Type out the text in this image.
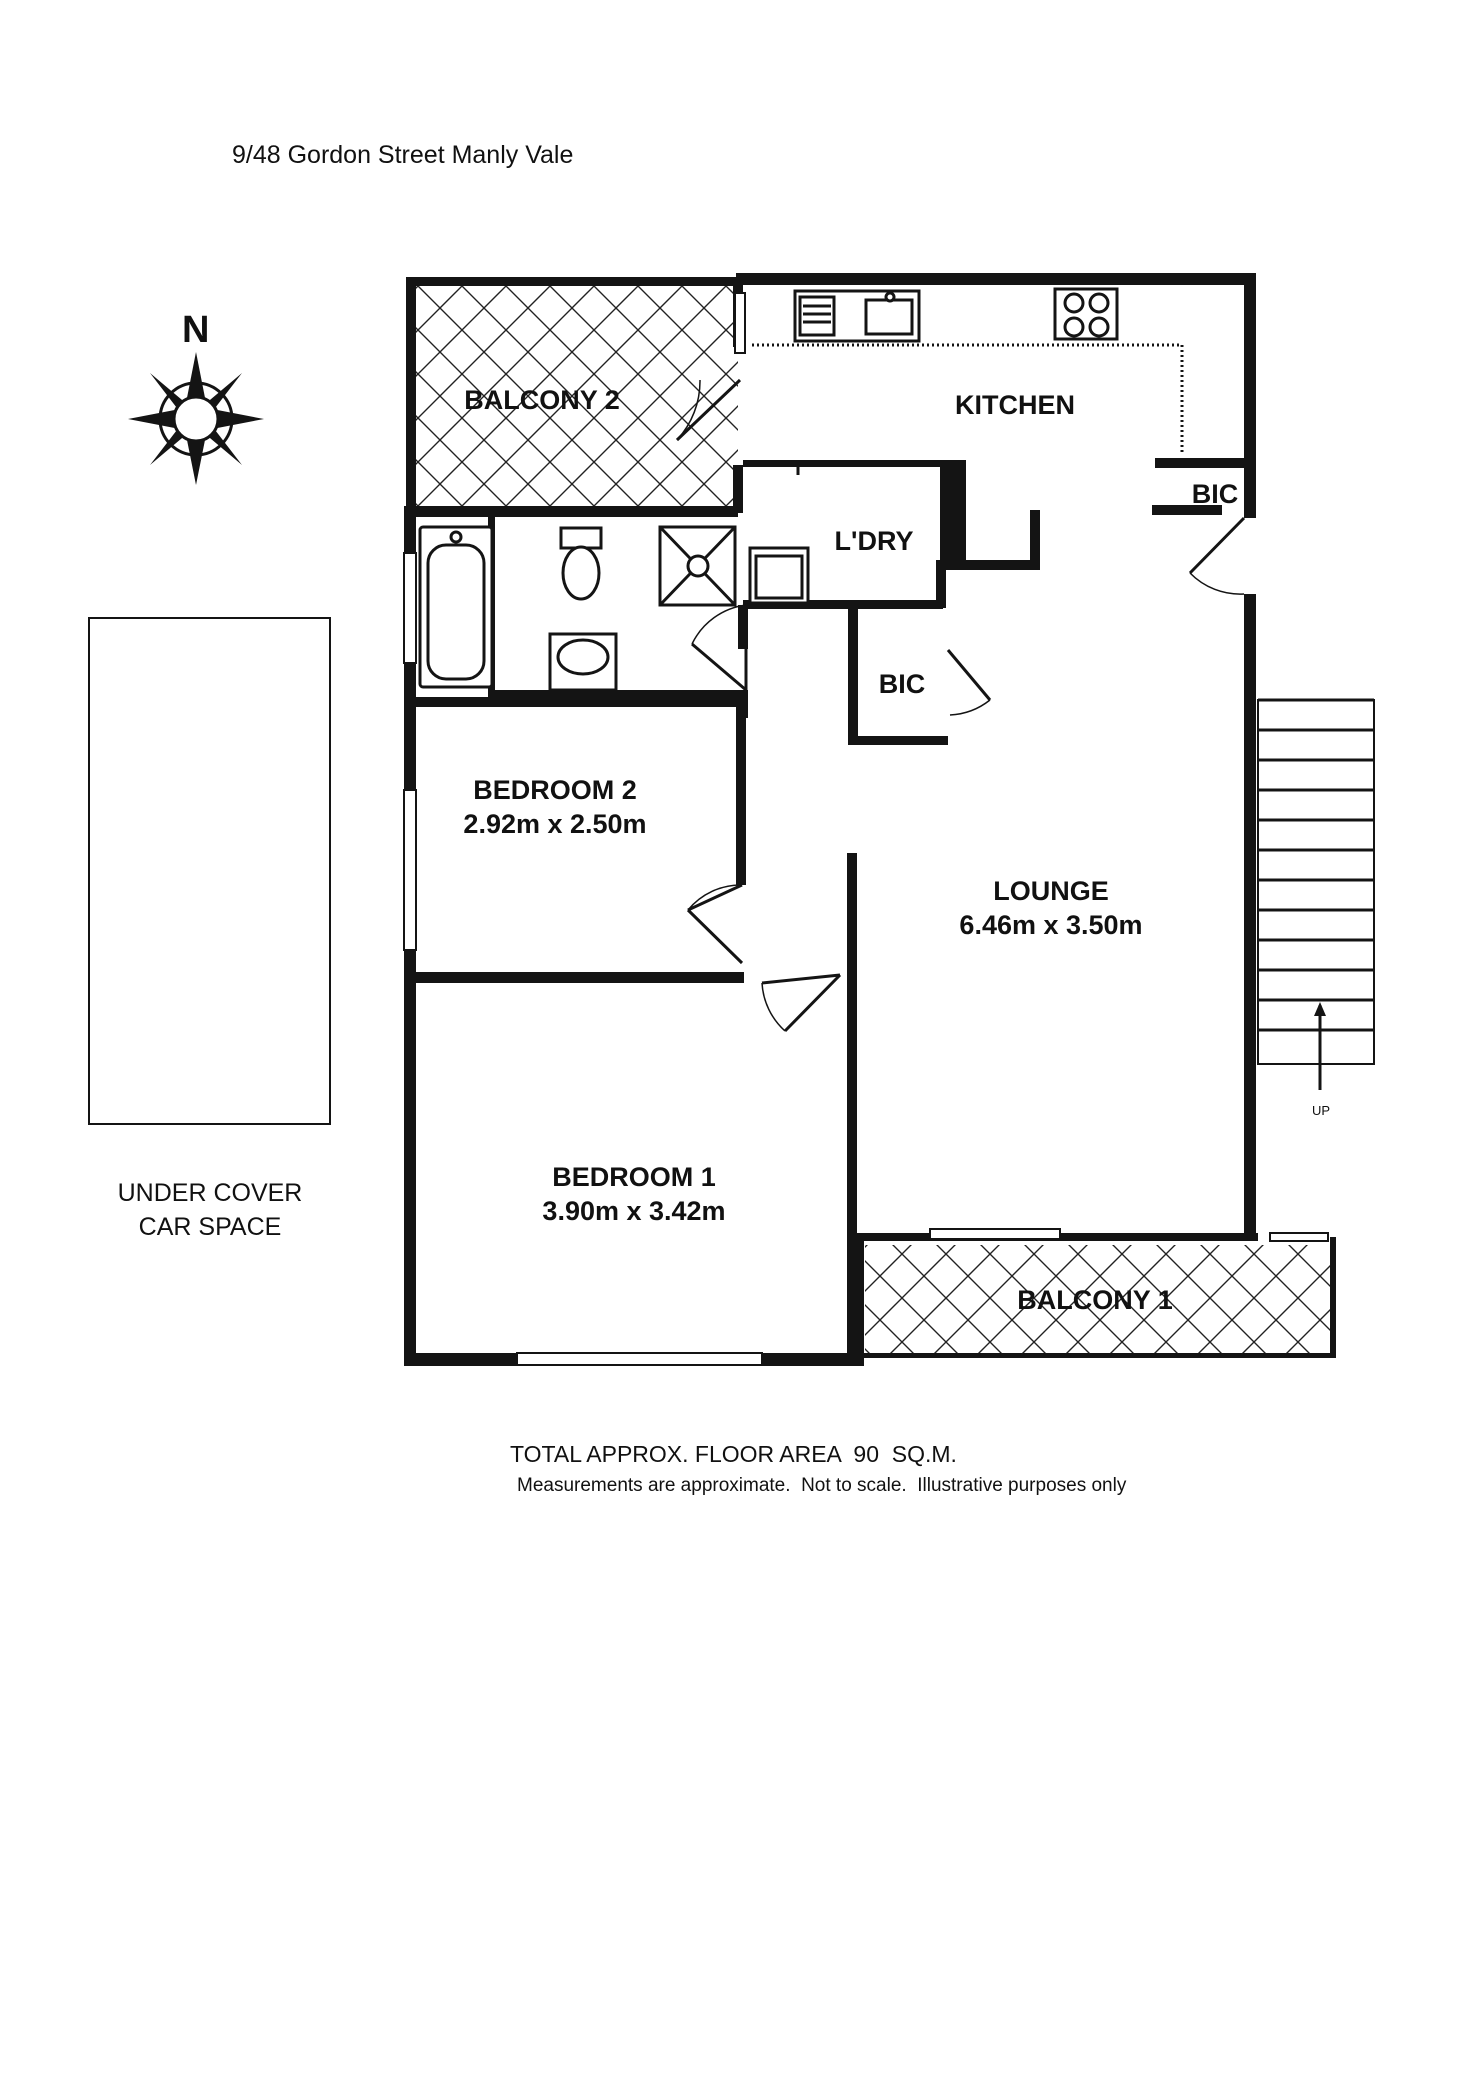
9/48 Gordon Street Manly Vale
N
UNDER COVER
CAR SPACE
UP
BALCONY 2	KITCHEN
L'DRY
BIC
BIC
BEDROOM 2
2.92m x 2.50m
LOUNGE
6.46m x 3.50m
BEDROOM 1
3.90m x 3.42m
BALCONY 1
TOTAL APPROX. FLOOR AREA  90  SQ.M.
Measurements are approximate.  Not to scale.  Illustrative purposes only
